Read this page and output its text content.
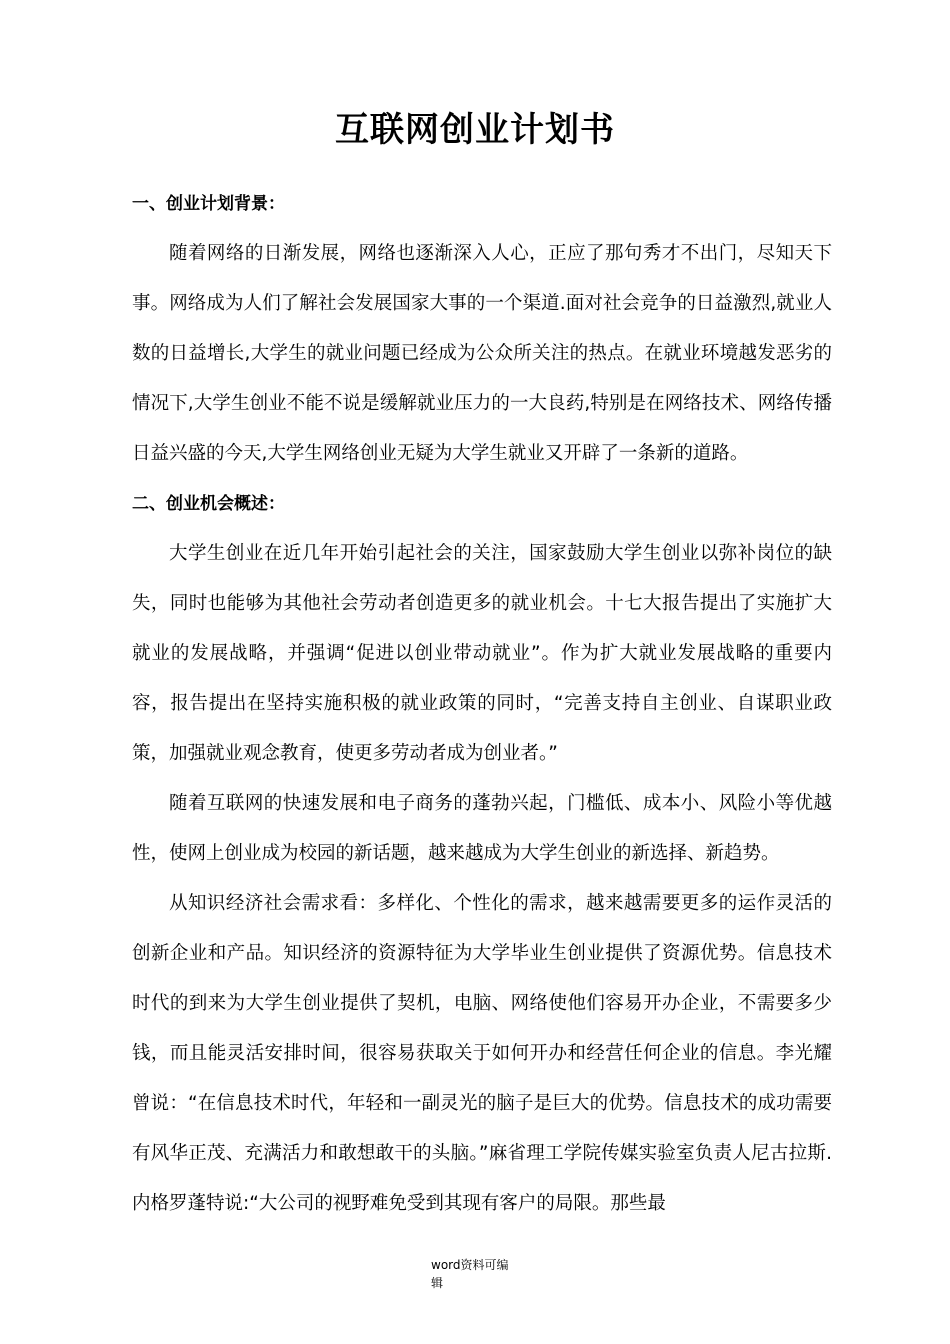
互联网创业计划书
一、创业计划背景：

随着网络的日渐发展，网络也逐渐深入人心，正应了那句秀才不出门，尽知天下事。网络成为人们了解社会发展国家大事的一个渠道.面对社会竞争的日益激烈,就业人数的日益增长,大学生的就业问题已经成为公众所关注的热点。在就业环境越发恶劣的情况下,大学生创业不能不说是缓解就业压力的一大良药,特别是在网络技术、网络传播日益兴盛的今天,大学生网络创业无疑为大学生就业又开辟了一条新的道路。

二、创业机会概述：

大学生创业在近几年开始引起社会的关注，国家鼓励大学生创业以弥补岗位的缺失，同时也能够为其他社会劳动者创造更多的就业机会。十七大报告提出了实施扩大就业的发展战略，并强调“促进以创业带动就业”。作为扩大就业发展战略的重要内容，报告提出在坚持实施积极的就业政策的同时，“完善支持自主创业、自谋职业政策，加强就业观念教育，使更多劳动者成为创业者。”

随着互联网的快速发展和电子商务的蓬勃兴起，门槛低、成本小、风险小等优越性，使网上创业成为校园的新话题，越来越成为大学生创业的新选择、新趋势。

从知识经济社会需求看：多样化、个性化的需求，越来越需要更多的运作灵活的创新企业和产品。知识经济的资源特征为大学毕业生创业提供了资源优势。信息技术时代的到来为大学生创业提供了契机，电脑、网络使他们容易开办企业，不需要多少钱，而且能灵活安排时间，很容易获取关于如何开办和经营任何企业的信息。李光耀曾说：“在信息技术时代，年轻和一副灵光的脑子是巨大的优势。信息技术的成功需要有风华正茂、充满活力和敢想敢干的头脑。”麻省理工学院传媒实验室负责人尼古拉斯.内格罗蓬特说:“大公司的视野难免受到其现有客户的局限。那些最

word资料可编
辑
